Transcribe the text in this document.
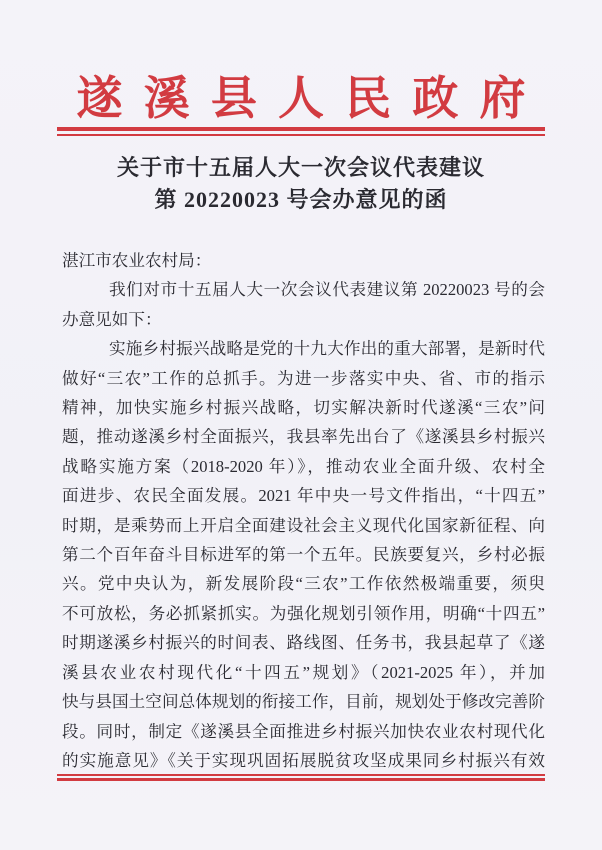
遂溪县人民政府
关于市十五届人大一次会议代表建议
第 20220023 号会办意见的函
湛江市农业农村局：
我们对市十五届人大一次会议代表建议第 20220023 号的会
办意见如下：
实施乡村振兴战略是党的十九大作出的重大部署，是新时代
做好“三农”工作的总抓手。为进一步落实中央、省、市的指示
精神，加快实施乡村振兴战略，切实解决新时代遂溪“三农”问
题，推动遂溪乡村全面振兴，我县率先出台了《遂溪县乡村振兴
战略实施方案（2018-2020 年）》，推动农业全面升级、农村全
面进步、农民全面发展。2021 年中央一号文件指出，“十四五”
时期，是乘势而上开启全面建设社会主义现代化国家新征程、向
第二个百年奋斗目标进军的第一个五年。民族要复兴，乡村必振
兴。党中央认为，新发展阶段“三农”工作依然极端重要，须臾
不可放松，务必抓紧抓实。为强化规划引领作用，明确“十四五”
时期遂溪乡村振兴的时间表、路线图、任务书，我县起草了《遂
溪县农业农村现代化“十四五”规划》（2021-2025 年），并加
快与县国土空间总体规划的衔接工作，目前，规划处于修改完善阶
段。同时，制定《遂溪县全面推进乡村振兴加快农业农村现代化
的实施意见》《关于实现巩固拓展脱贫攻坚成果同乡村振兴有效
